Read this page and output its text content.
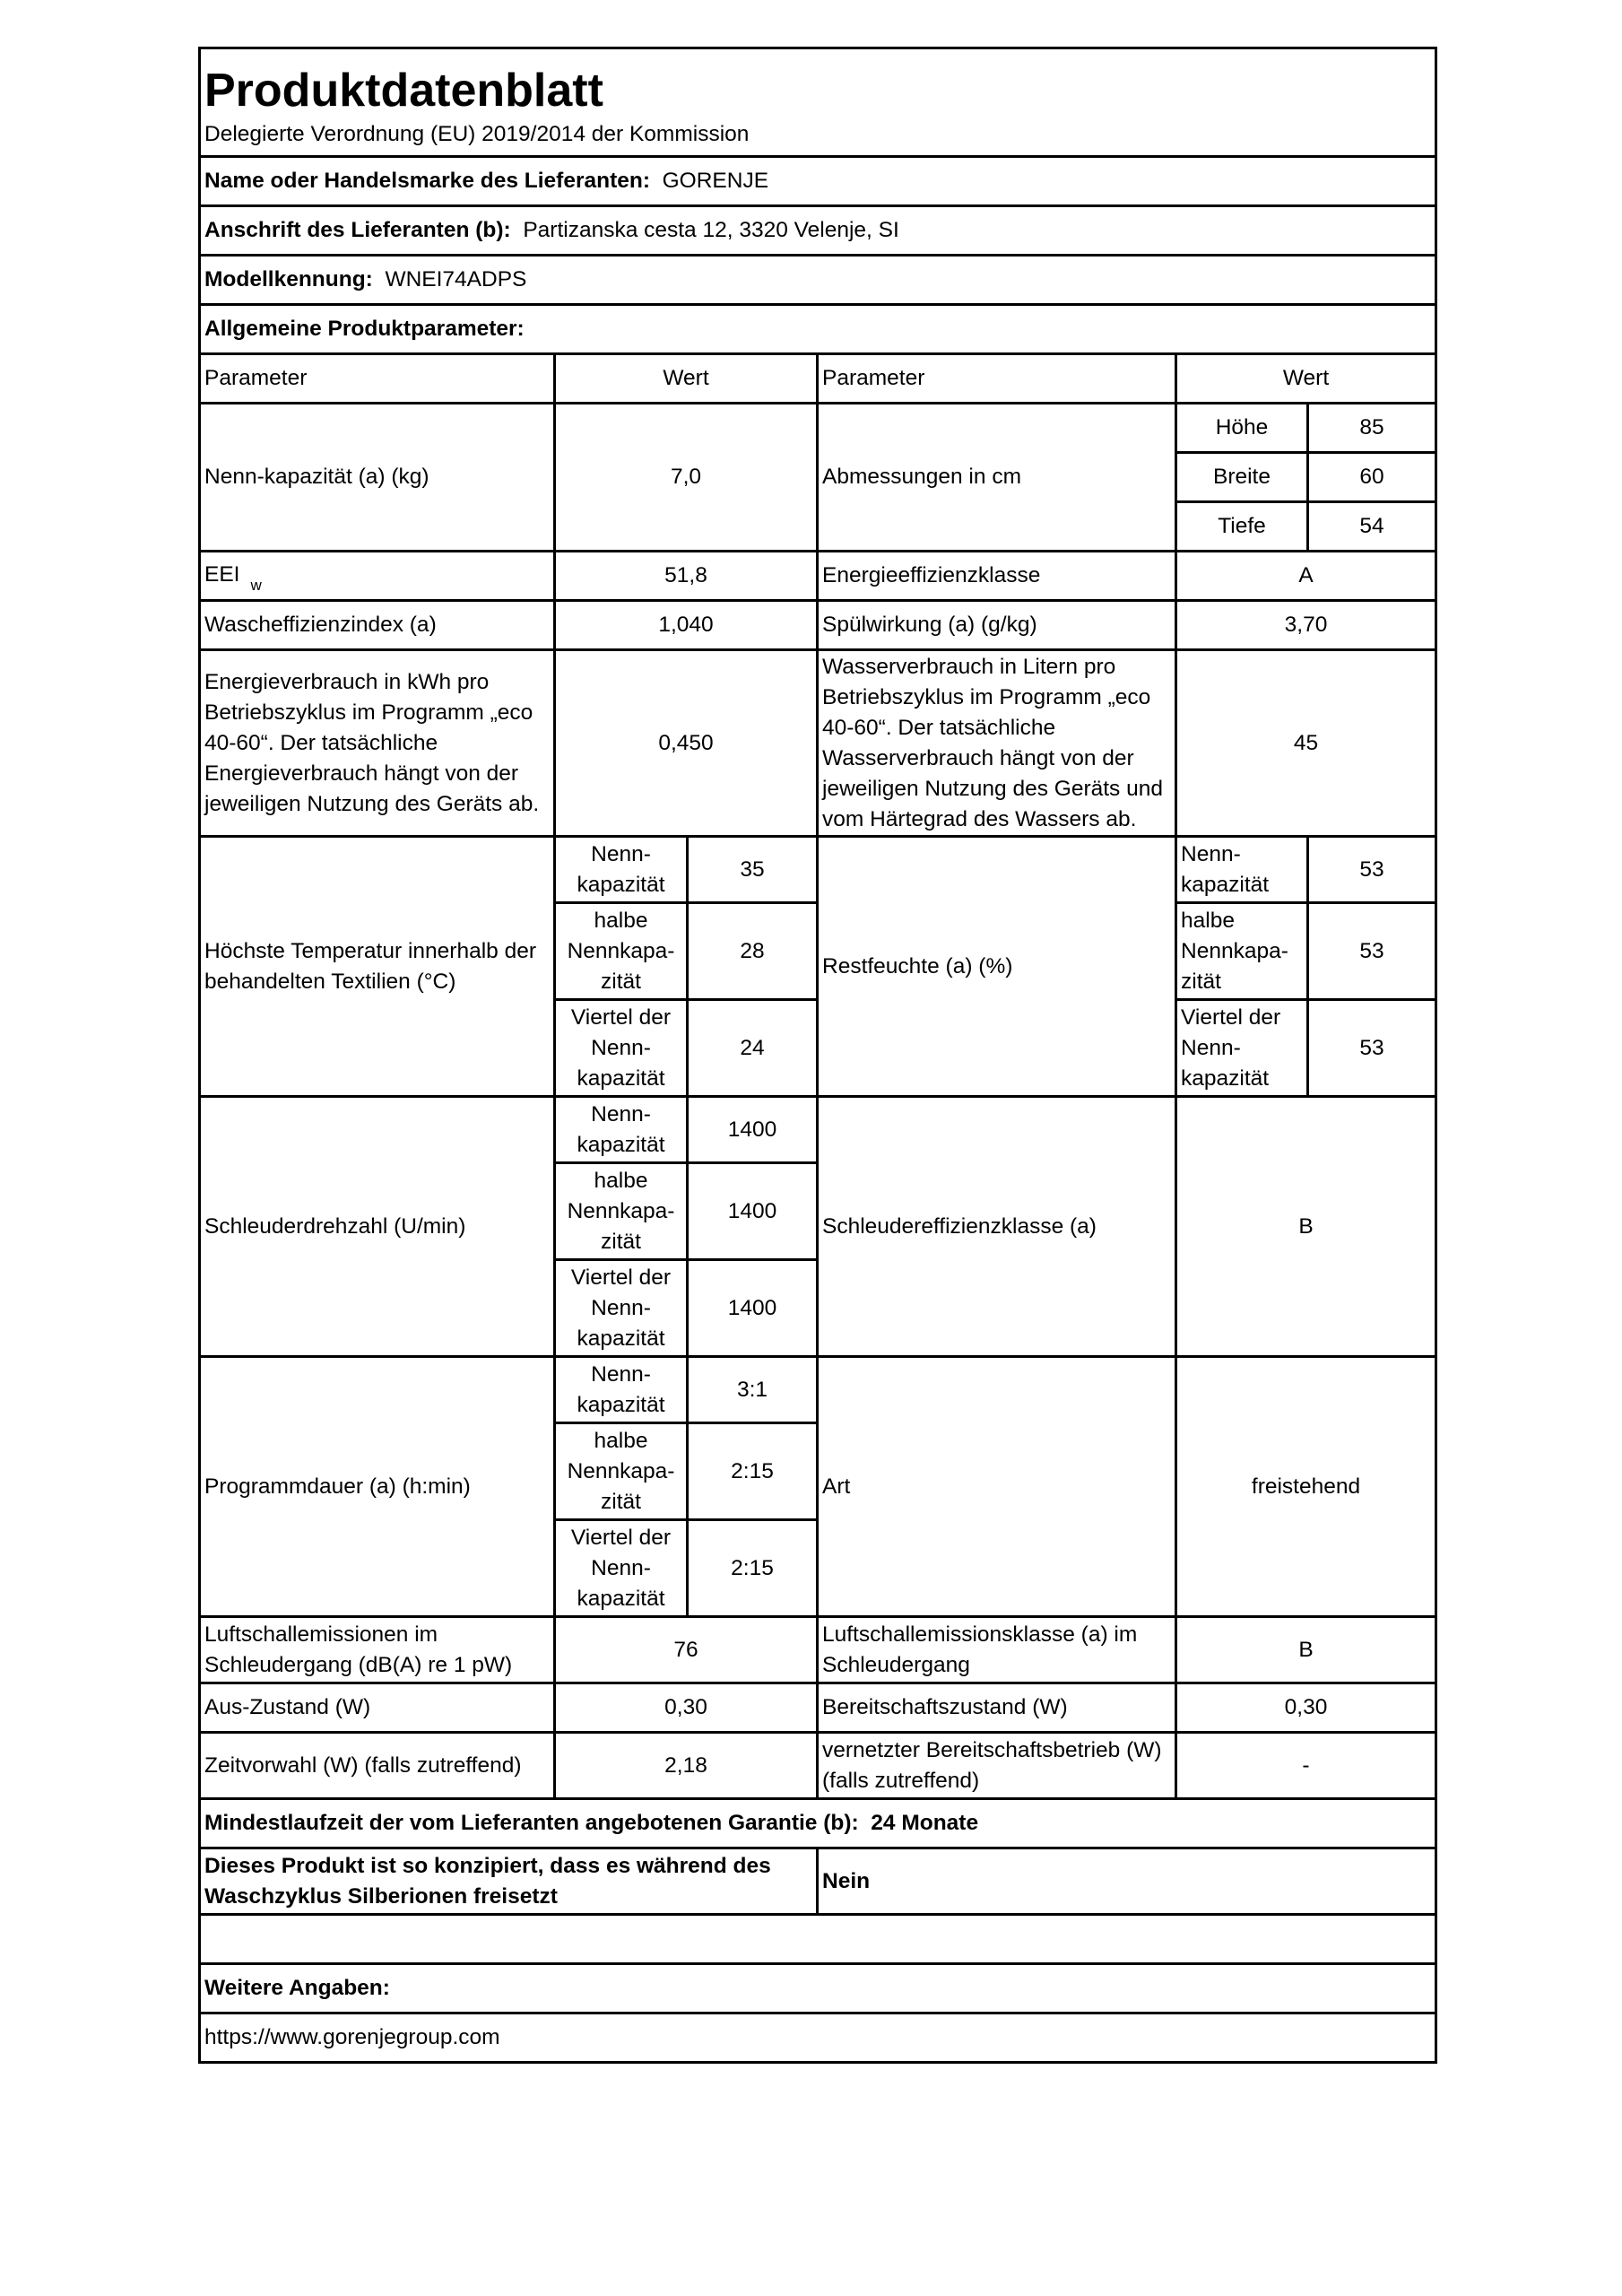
Produktdatenblatt
Delegierte Verordnung (EU) 2019/2014 der Kommission					

Name oder Handelsmarke des Lieferanten: GORENJE					
Anschrift des Lieferanten (b): Partizanska cesta 12, 3320 Velenje, SI					
Modellkennung: WNEI74ADPS					
Allgemeine Produktparameter:					
Parameter	Wert		Parameter	Wert	
Nenn-kapazität (a) (kg)	7,0		Abmessungen in cm	Höhe	85
				Breite	60
				Tiefe	54
EEI $_w$	51,8		Energieeffizienzklasse	A	
Wascheffizienzindex (a)	1,040		Spülwirkung (a) (g/kg)	3,70	
Energieverbrauch in kWh pro Betriebszyklus im Programm „eco 40-60“. Der tatsächliche Energieverbrauch hängt von der jeweiligen Nutzung des Geräts ab.	0,450		Wasserverbrauch in Litern pro Betriebszyklus im Programm „eco 40-60“. Der tatsächliche Wasserverbrauch hängt von der jeweiligen Nutzung des Geräts und vom Härtegrad des Wassers ab.	45	
Höchste Temperatur innerhalb der behandelten Textilien (°C)	Nenn-kapazität	35	Restfeuchte (a) (%)	Nenn-kapazität	53
	halbe Nennkapa-zität	28		halbe Nennkapa-zität	53
	Viertel der Nenn-kapazität	24		Viertel der Nenn-kapazität	53
Schleuderdrehzahl (U/min)	Nenn-kapazität	1400	Schleudereffizienzklasse (a)	B	
	halbe Nennkapa-zität	1400			
	Viertel der Nenn-kapazität	1400			
Programmdauer (a) (h:min)	Nenn-kapazität	3:1	Art	freistehend	
	halbe Nennkapa-zität	2:15			
	Viertel der Nenn-kapazität	2:15			
Luftschallemissionen im Schleudergang (dB(A) re 1 pW)	76		Luftschallemissionsklasse (a) im Schleudergang	B	
Aus-Zustand (W)	0,30		Bereitschaftszustand (W)	0,30	
Zeitvorwahl (W) (falls zutreffend)	2,18		vernetzter Bereitschaftsbetrieb (W) (falls zutreffend)	-	
Mindestlaufzeit der vom Lieferanten angebotenen Garantie (b): 24 Monate					
Dieses Produkt ist so konzipiert, dass es während des Waschzyklus Silberionen freisetzt			Nein		

Weitere Angaben:					
https://www.gorenjegroup.com					
